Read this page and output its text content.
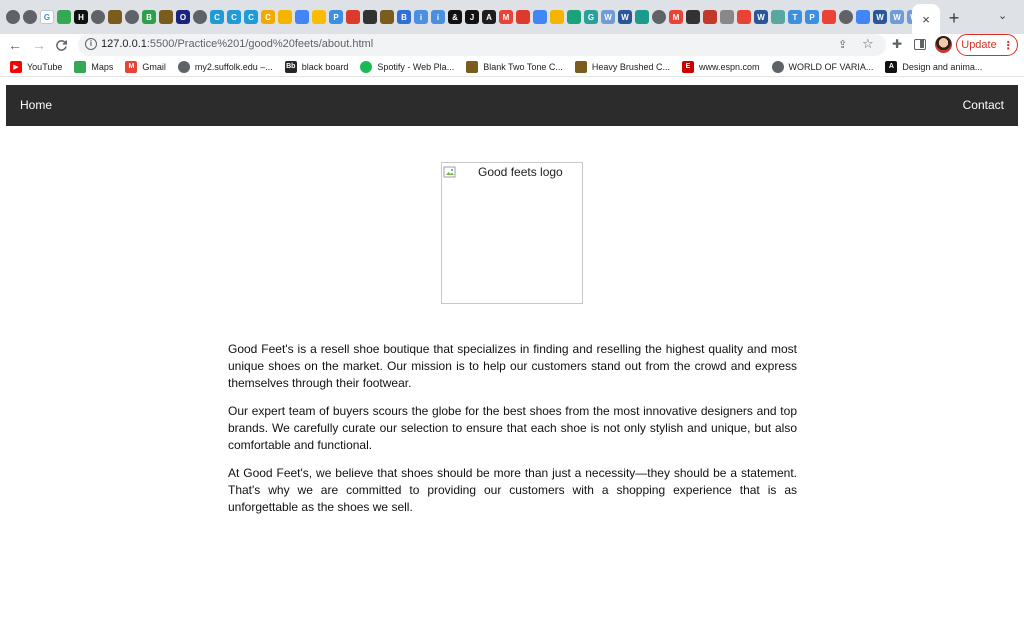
G	H	B	O	C	C	C	C	P	B	i	i	&	J	A	M	G	W	W	M	W	T	P	W	W × +	⌄
← →	i 127.0.0.1:5500/Practice%201/good%20feets/about.html	⇪ ☆ ✚	Update ⋮
▶ YouTube	Maps	M Gmail	my2.suffolk.edu –... Bb black board	Spotify - Web Pla...	Blank Two Tone C...	Heavy Brushed C...	E www.espn.com	WORLD OF VARIA...	A Design and anima...
Home	Contact
Good feets logo

Good Feet's is a resell shoe boutique that specializes in finding and reselling the highest quality and most unique shoes on the market. Our mission is to help our customers stand out from the crowd and express themselves through their footwear.

Our expert team of buyers scours the globe for the best shoes from the most innovative designers and top brands. We carefully curate our selection to ensure that each shoe is not only stylish and unique, but also comfortable and functional.

At Good Feet's, we believe that shoes should be more than just a necessity—they should be a statement. That's why we are committed to providing our customers with a shopping experience that is as unforgettable as the shoes we sell.
